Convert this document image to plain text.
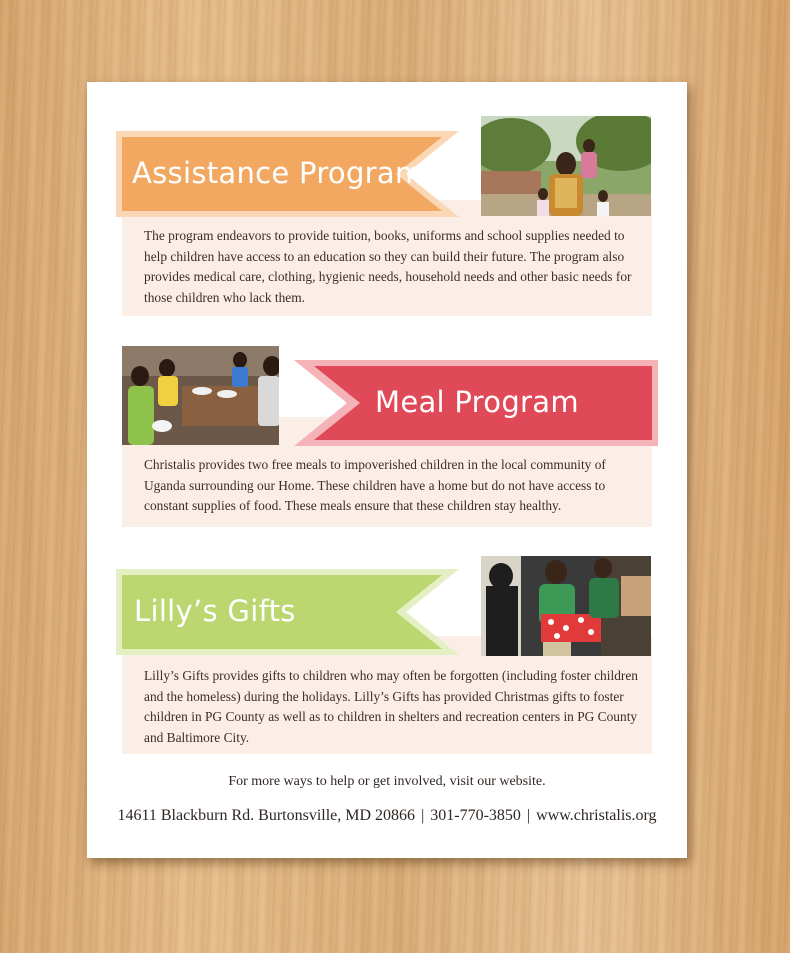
The program endeavors to provide tuition, books, uniforms and school supplies needed to help children have access to an education so they can build their future. The program also provides medical care, clothing, hygienic needs, household needs and other basic needs for those children who lack them.

Assistance Program

Christalis provides two free meals to impoverished children in the local community of Uganda surrounding our Home. These children have a home but do not have access to constant supplies of food. These meals ensure that these children stay healthy.

Meal Program

Lilly’s Gifts provides gifts to children who may often be forgotten (including foster children and the homeless) during the holidays. Lilly’s Gifts has provided Christmas gifts to foster children in PG County as well as to children in shelters and recreation centers in PG County and Baltimore City.

Lilly’s Gifts
For more ways to help or get involved, visit our website.
14611 Blackburn Rd. Burtonsville, MD 20866 | 301-770-3850 | www.christalis.org
